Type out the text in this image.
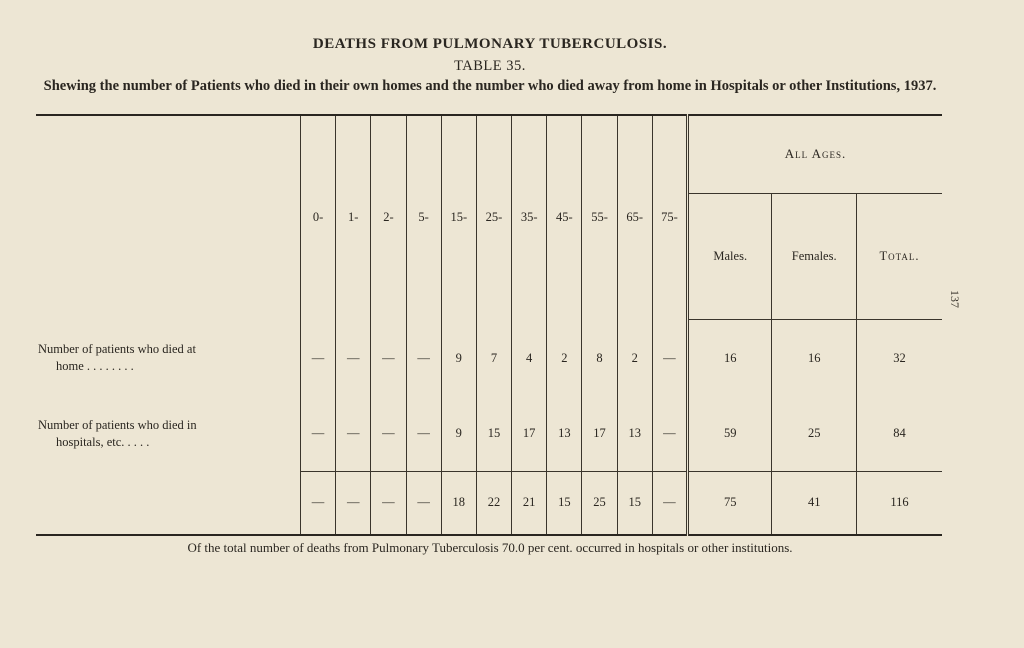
DEATHS FROM PULMONARY TUBERCULOSIS.
TABLE 35.
Shewing the number of Patients who died in their own homes and the number who died away from home in Hospitals or other Institutions, 1937.
137
	0-	1-	2-	5-	15-	25-	35-	45-	55-	65-	75-	All Ages.		
												Males.	Females.	Total.
Number of patients who died at
home . . . . . . . .	—	—	—	—	9	7	4	2	8	2	—	16	16	32
Number of patients who died in
hospitals, etc. . . . .	—	—	—	—	9	15	17	13	17	13	—	59	25	84
	—	—	—	—	18	22	21	15	25	15	—	75	41	116
Of the total number of deaths from Pulmonary Tuberculosis 70.0 per cent. occurred in hospitals or other institutions.
